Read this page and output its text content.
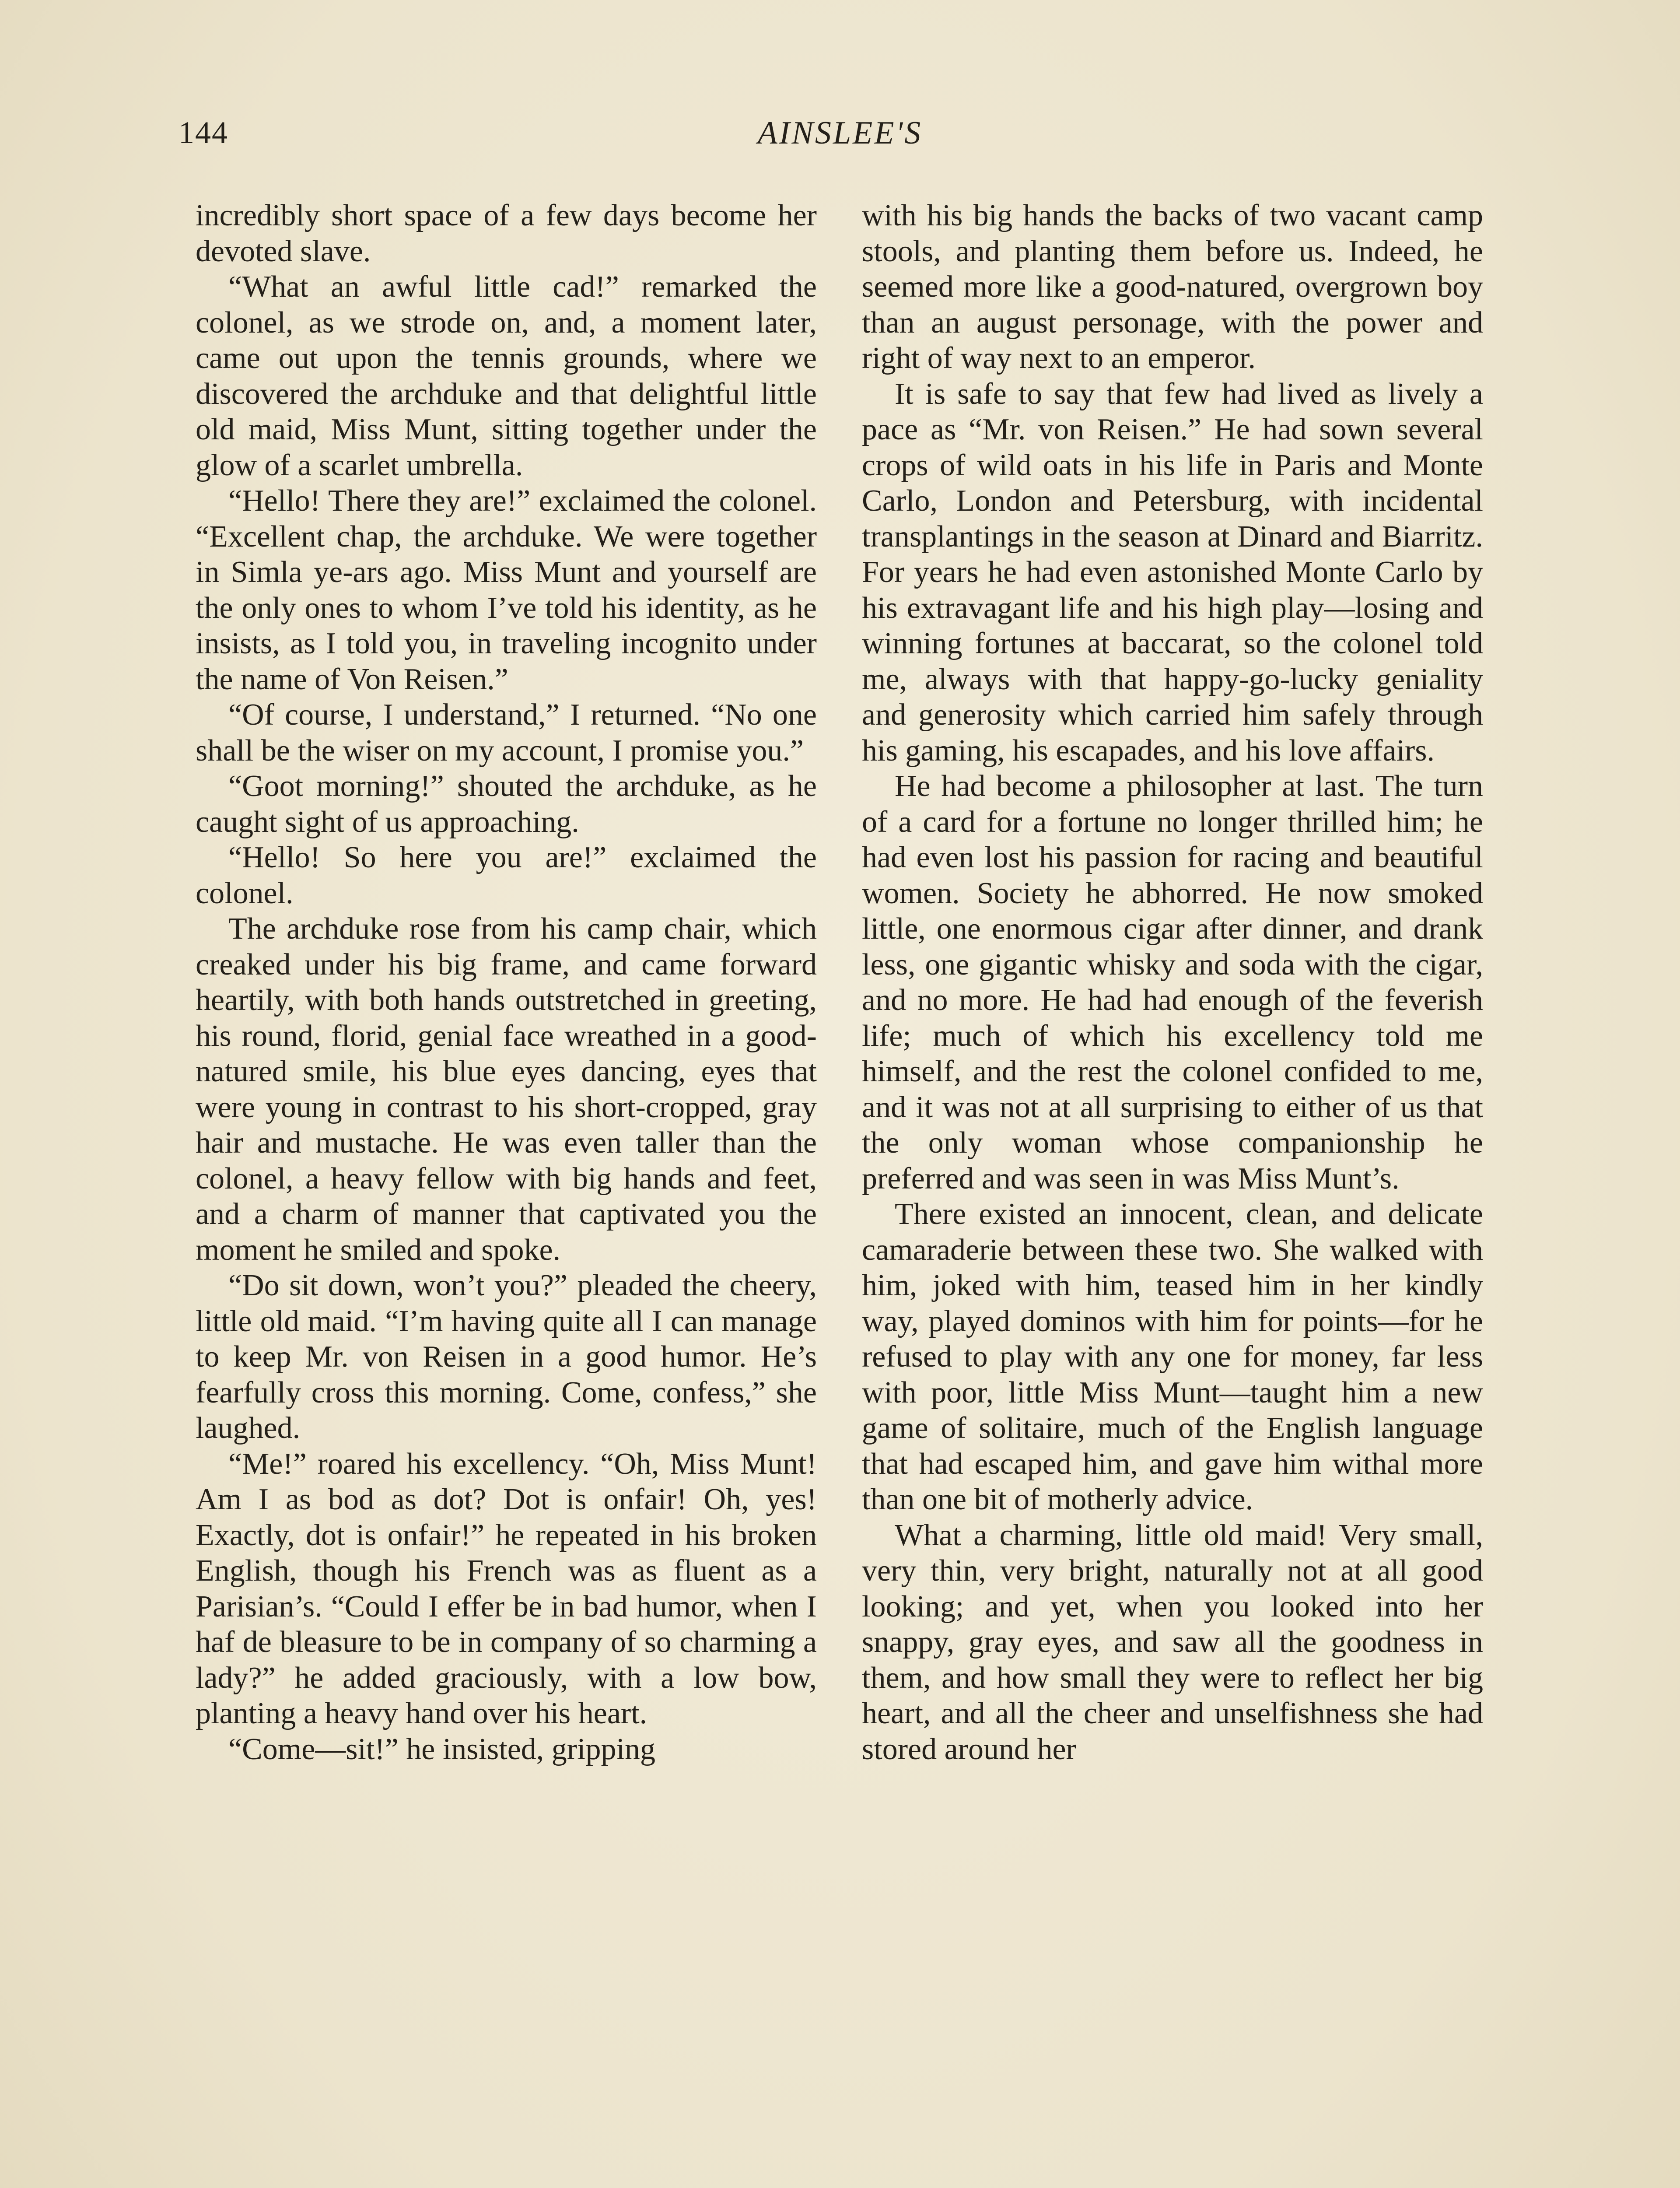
144	AINSLEE'S

incredibly short space of a few days become her devoted slave.

“What an awful little cad!” remarked the colonel, as we strode on, and, a moment later, came out upon the tennis grounds, where we discovered the archduke and that delightful little old maid, Miss Munt, sitting together under the glow of a scarlet umbrella.

“Hello! There they are!” exclaimed the colonel. “Excellent chap, the archduke. We were together in Simla ye-ars ago. Miss Munt and yourself are the only ones to whom I’ve told his identity, as he insists, as I told you, in traveling incognito under the name of Von Reisen.”

“Of course, I understand,” I returned. “No one shall be the wiser on my account, I promise you.”

“Goot morning!” shouted the archduke, as he caught sight of us approaching.

“Hello! So here you are!” exclaimed the colonel.

The archduke rose from his camp chair, which creaked under his big frame, and came forward heartily, with both hands outstretched in greeting, his round, florid, genial face wreathed in a good-natured smile, his blue eyes dancing, eyes that were young in contrast to his short-cropped, gray hair and mustache. He was even taller than the colonel, a heavy fellow with big hands and feet, and a charm of manner that captivated you the moment he smiled and spoke.

“Do sit down, won’t you?” pleaded the cheery, little old maid. “I’m having quite all I can manage to keep Mr. von Reisen in a good humor. He’s fearfully cross this morning. Come, confess,” she laughed.

“Me!” roared his excellency. “Oh, Miss Munt! Am I as bod as dot? Dot is onfair! Oh, yes! Exactly, dot is onfair!” he repeated in his broken English, though his French was as fluent as a Parisian’s. “Could I effer be in bad humor, when I haf de bleasure to be in company of so charming a lady?” he added graciously, with a low bow, planting a heavy hand over his heart.

“Come—sit!” he insisted, gripping

with his big hands the backs of two vacant camp stools, and planting them before us. Indeed, he seemed more like a good-natured, overgrown boy than an august personage, with the power and right of way next to an emperor.

It is safe to say that few had lived as lively a pace as “Mr. von Reisen.” He had sown several crops of wild oats in his life in Paris and Monte Carlo, London and Petersburg, with incidental transplantings in the season at Dinard and Biarritz. For years he had even astonished Monte Carlo by his extravagant life and his high play—losing and winning fortunes at baccarat, so the colonel told me, always with that happy-go-lucky geniality and generosity which carried him safely through his gaming, his escapades, and his love affairs.

He had become a philosopher at last. The turn of a card for a fortune no longer thrilled him; he had even lost his passion for racing and beautiful women. Society he abhorred. He now smoked little, one enormous cigar after dinner, and drank less, one gigantic whisky and soda with the cigar, and no more. He had had enough of the feverish life; much of which his excellency told me himself, and the rest the colonel confided to me, and it was not at all surprising to either of us that the only woman whose companionship he preferred and was seen in was Miss Munt’s.

There existed an innocent, clean, and delicate camaraderie between these two. She walked with him, joked with him, teased him in her kindly way, played dominos with him for points—for he refused to play with any one for money, far less with poor, little Miss Munt—taught him a new game of solitaire, much of the English language that had escaped him, and gave him withal more than one bit of motherly advice.

What a charming, little old maid! Very small, very thin, very bright, naturally not at all good looking; and yet, when you looked into her snappy, gray eyes, and saw all the goodness in them, and how small they were to reflect her big heart, and all the cheer and unselfishness she had stored around her
